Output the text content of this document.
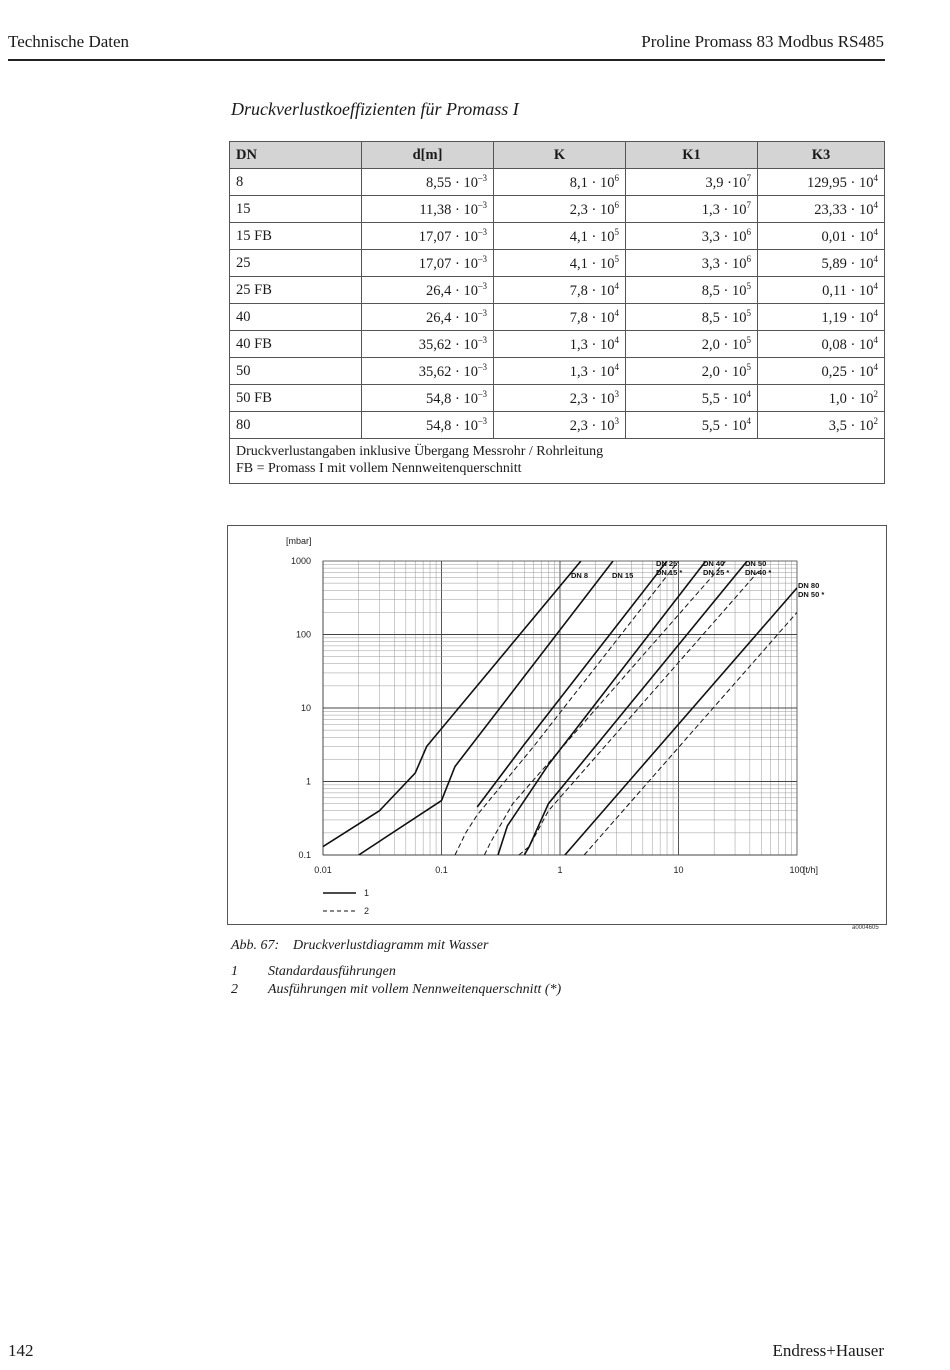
Technische Daten	Proline Promass 83 Modbus RS485
Druckverlustkoeffizienten für Promass I
DN	d[m]	K	K1	K3
8	$8,55 \cdot 10^{-3}$	$8,1 \cdot 10^6$	$3,9 \cdot 10^7$	$129,95 \cdot 10^4$
15	$11,38 \cdot 10^{-3}$	$2,3 \cdot 10^6$	$1,3 \cdot 10^7$	$23,33 \cdot 10^4$
15 FB	$17,07 \cdot 10^{-3}$	$4,1 \cdot 10^5$	$3,3 \cdot 10^6$	$0,01 \cdot 10^4$
25	$17,07 \cdot 10^{-3}$	$4,1 \cdot 10^5$	$3,3 \cdot 10^6$	$5,89 \cdot 10^4$
25 FB	$26,4 \cdot 10^{-3}$	$7,8 \cdot 10^4$	$8,5 \cdot 10^5$	$0,11 \cdot 10^4$
40	$26,4 \cdot 10^{-3}$	$7,8 \cdot 10^4$	$8,5 \cdot 10^5$	$1,19 \cdot 10^4$
40 FB	$35,62 \cdot 10^{-3}$	$1,3 \cdot 10^4$	$2,0 \cdot 10^5$	$0,08 \cdot 10^4$
50	$35,62 \cdot 10^{-3}$	$1,3 \cdot 10^4$	$2,0 \cdot 10^5$	$0,25 \cdot 10^4$
50 FB	$54,8 \cdot 10^{-3}$	$2,3 \cdot 10^3$	$5,5 \cdot 10^4$	$1,0 \cdot 10^2$
80	$54,8 \cdot 10^{-3}$	$2,3 \cdot 10^3$	$5,5 \cdot 10^4$	$3,5 \cdot 10^2$

Druckverlustangaben inklusive Übergang Messrohr / Rohrleitung
FB = Promass I mit vollem Nennweitenquerschnitt				
0.01	0.1	1	10	100
0.1
1
10
100
1000
[mbar]
[t/h]
DN 8	DN 15
DN 25 DN 15 *
DN 40 DN 25 *
DN 50 DN 40 *
DN 80 DN 50 *
1
2
a0004605
Abb. 67: Druckverlustdiagramm mit Wasser
1 Standardausführungen
2 Ausführungen mit vollem Nennweitenquerschnitt (*)
142	Endress+Hauser
